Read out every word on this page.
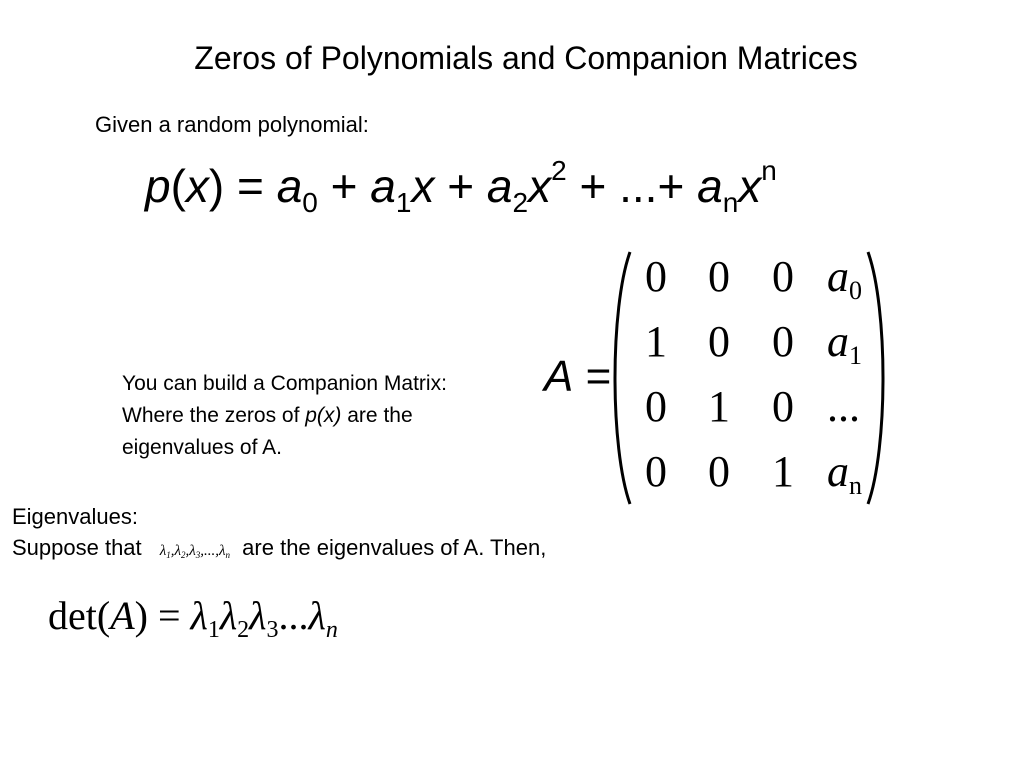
Zeros of Polynomials and Companion Matrices
Given a random polynomial:
$p(x) = a_0 + a_1x + a_2x^2$ + ...+ $a_nx^n$
A =
0 0 0 $a_0$
1 0 0 $a_1$
0 1 0 ...
0 0 1 $a_n$
You can build a Companion Matrix:
Where the zeros of p(x) are the
eigenvalues of A.
Eigenvalues:
Suppose that $\lambda_1,\lambda_2,\lambda_3,...,\lambda_n$ are the eigenvalues of A. Then,
$\det(A) = \lambda_1\lambda_2\lambda_3...\lambda_n$
